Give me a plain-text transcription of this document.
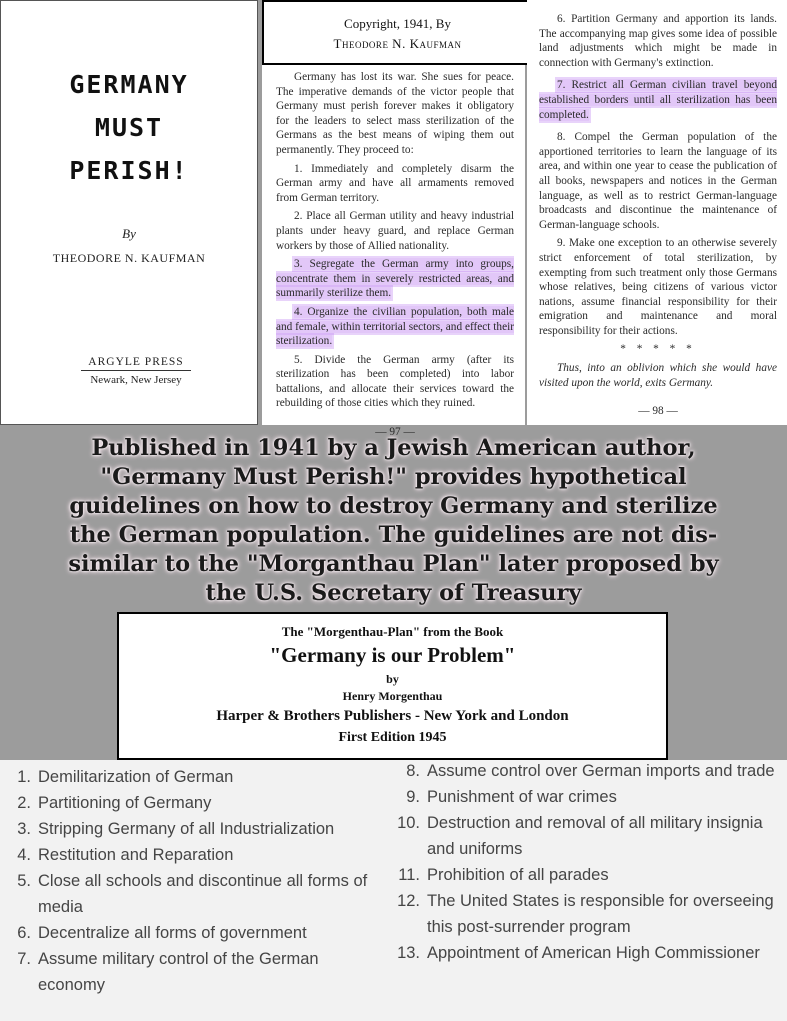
GERMANY
MUST
PERISH!
By
THEODORE N. KAUFMAN
ARGYLE PRESS
Newark, New Jersey

Germany has lost its war. She sues for peace. The imperative demands of the victor people that Germany must perish forever makes it obligatory for the leaders to select mass sterilization of the Germans as the best means of wiping them out permanently. They proceed to:

1. Immediately and completely disarm the German army and have all armaments removed from German territory.

2. Place all German utility and heavy industrial plants under heavy guard, and replace German workers by those of Allied nationality.

3. Segregate the German army into groups, concentrate them in severely restricted areas, and summarily sterilize them.

4. Organize the civilian population, both male and female, within territorial sectors, and effect their sterilization.

5. Divide the German army (after its sterilization has been completed) into labor battalions, and allocate their services toward the rebuilding of those cities which they ruined.

— 97 —

Copyright, 1941, By
Theodore N. Kaufman

6. Partition Germany and apportion its lands. The accompanying map gives some idea of possible land adjustments which might be made in connection with Germany's extinction.

7. Restrict all German civilian travel beyond established borders until all sterilization has been completed.

8. Compel the German population of the apportioned territories to learn the language of its area, and within one year to cease the publication of all books, newspapers and notices in the German language, as well as to restrict German-language broadcasts and discontinue the maintenance of German-language schools.

9. Make one exception to an otherwise severely strict enforcement of total sterilization, by exempting from such treatment only those Germans whose relatives, being citizens of various victor nations, assume financial responsibility for their emigration and maintenance and moral responsibility for their actions.

* * * * *

Thus, into an oblivion which she would have visited upon the world, exits Germany.

— 98 —

Published in 1941 by a Jewish American author,
"Germany Must Perish!" provides hypothetical
guidelines on how to destroy Germany and sterilize
the German population. The guidelines are not dis-
similar to the "Morganthau Plan" later proposed by
the U.S. Secretary of Treasury
The "Morgenthau-Plan" from the Book
"Germany is our Problem"
by
Henry Morgenthau
Harper & Brothers Publishers - New York and London
First Edition 1945
1. Demilitarization of German
2. Partitioning of Germany
3. Stripping Germany of all Industrialization
4. Restitution and Reparation
5. Close all schools and discontinue all forms of media
6. Decentralize all forms of government
7. Assume military control of the German economy
8. Assume control over German imports and trade
9. Punishment of war crimes
10. Destruction and removal of all military insignia and uniforms
11. Prohibition of all parades
12. The United States is responsible for overseeing this post-surrender program
13. Appointment of American High Commissioner
